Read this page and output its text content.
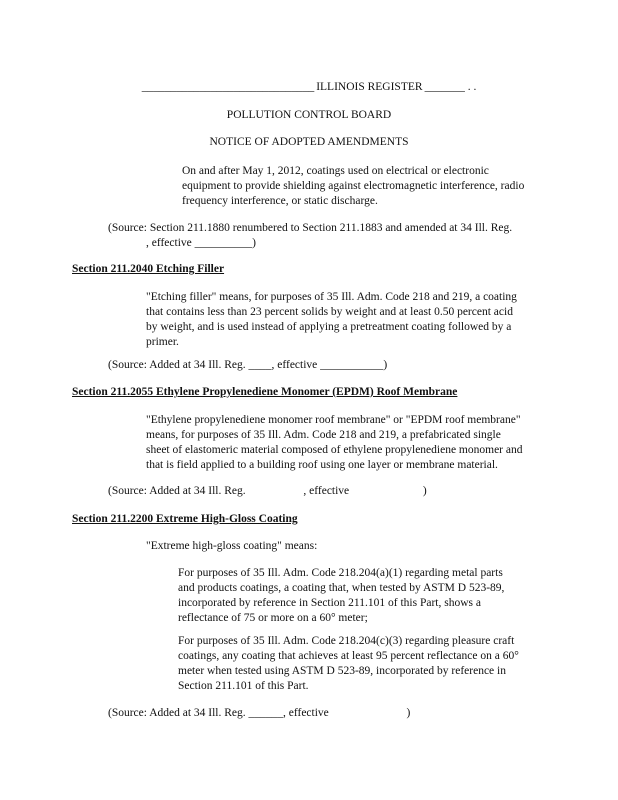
______________________________ ILLINOIS REGISTER _______ . .
POLLUTION CONTROL BOARD
NOTICE OF ADOPTED AMENDMENTS
On and after May 1, 2012, coatings used on electrical or electronic
equipment to provide shielding against electromagnetic interference, radio
frequency interference, or static discharge.
(Source: Section 211.1880 renumbered to Section 211.1883 and amended at 34 Ill. Reg.
, effective __________)
Section 211.2040 Etching Filler
"Etching filler" means, for purposes of 35 Ill. Adm. Code 218 and 219, a coating
that contains less than 23 percent solids by weight and at least 0.50 percent acid
by weight, and is used instead of applying a pretreatment coating followed by a
primer.
(Source: Added at 34 Ill. Reg. ____, effective ___________)
Section 211.2055 Ethylene Propylenediene Monomer (EPDM) Roof Membrane
"Ethylene propylenediene monomer roof membrane" or "EPDM roof membrane"
means, for purposes of 35 Ill. Adm. Code 218 and 219, a prefabricated single
sheet of elastomeric material composed of ethylene propylenediene monomer and
that is field applied to a building roof using one layer or membrane material.
(Source: Added at 34 Ill. Reg.	, effective	)
Section 211.2200 Extreme High-Gloss Coating
"Extreme high-gloss coating" means:
For purposes of 35 Ill. Adm. Code 218.204(a)(1) regarding metal parts
and products coatings, a coating that, when tested by ASTM D 523-89,
incorporated by reference in Section 211.101 of this Part, shows a
reflectance of 75 or more on a 60° meter;
For purposes of 35 Ill. Adm. Code 218.204(c)(3) regarding pleasure craft
coatings, any coating that achieves at least 95 percent reflectance on a 60°
meter when tested using ASTM D 523-89, incorporated by reference in
Section 211.101 of this Part.
(Source: Added at 34 Ill. Reg. ______, effective	)
